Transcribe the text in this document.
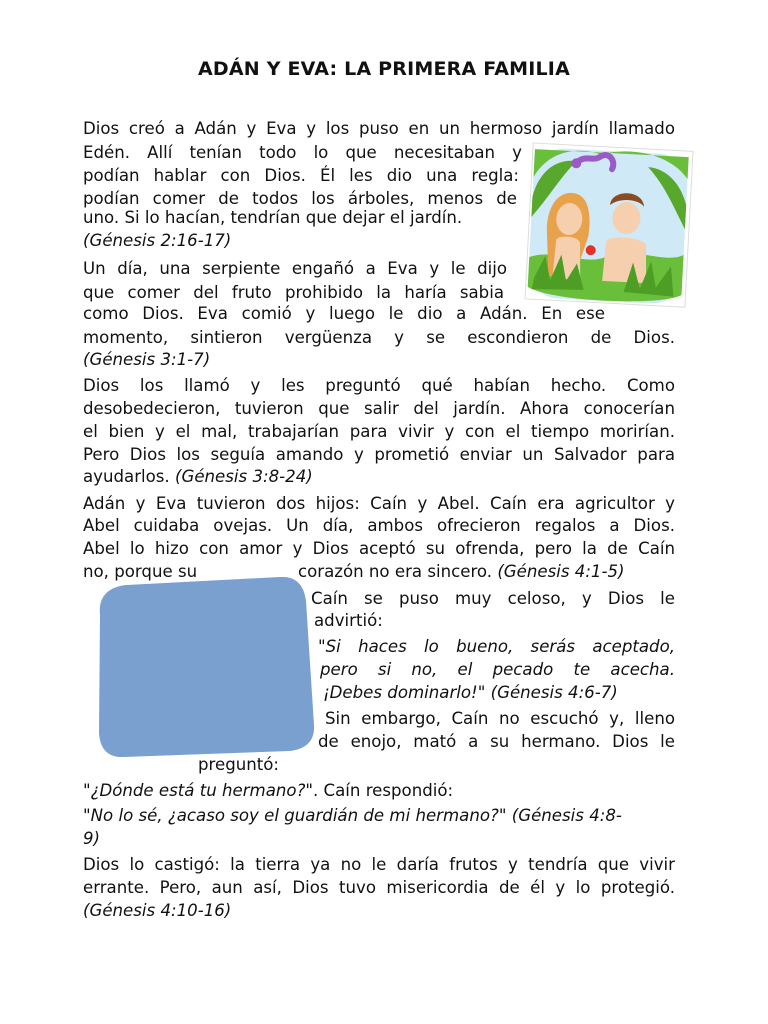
ADÁN Y EVA: LA PRIMERA FAMILIA
Dios creó a Adán y Eva y los puso en un hermoso jardín llamado
Edén. Allí tenían todo lo que necesitaban y
podían hablar con Dios. Él les dio una regla:
podían comer de todos los árboles, menos de
uno. Si lo hacían, tendrían que dejar el jardín.
(Génesis 2:16-17)
Un día, una serpiente engañó a Eva y le dijo
que comer del fruto prohibido la haría sabia
como Dios. Eva comió y luego le dio a Adán. En ese
momento, sintieron vergüenza y se escondieron de Dios.
(Génesis 3:1-7)
Dios los llamó y les preguntó qué habían hecho. Como
desobedecieron, tuvieron que salir del jardín. Ahora conocerían
el bien y el mal, trabajarían para vivir y con el tiempo morirían.
Pero Dios los seguía amando y prometió enviar un Salvador para
ayudarlos. (Génesis 3:8-24)
Adán y Eva tuvieron dos hijos: Caín y Abel. Caín era agricultor y
Abel cuidaba ovejas. Un día, ambos ofrecieron regalos a Dios.
Abel lo hizo con amor y Dios aceptó su ofrenda, pero la de Caín
no, porque su	corazón no era sincero. (Génesis 4:1-5)
Caín se puso muy celoso, y Dios le
advirtió:
"Si haces lo bueno, serás aceptado,
pero si no, el pecado te acecha.
¡Debes dominarlo!" (Génesis 4:6-7)
Sin embargo, Caín no escuchó y, lleno
de enojo, mató a su hermano. Dios le
preguntó:
"¿Dónde está tu hermano?". Caín respondió:
"No lo sé, ¿acaso soy el guardián de mi hermano?" (Génesis 4:8-
9)
Dios lo castigó: la tierra ya no le daría frutos y tendría que vivir
errante. Pero, aun así, Dios tuvo misericordia de él y lo protegió.
(Génesis 4:10-16)
